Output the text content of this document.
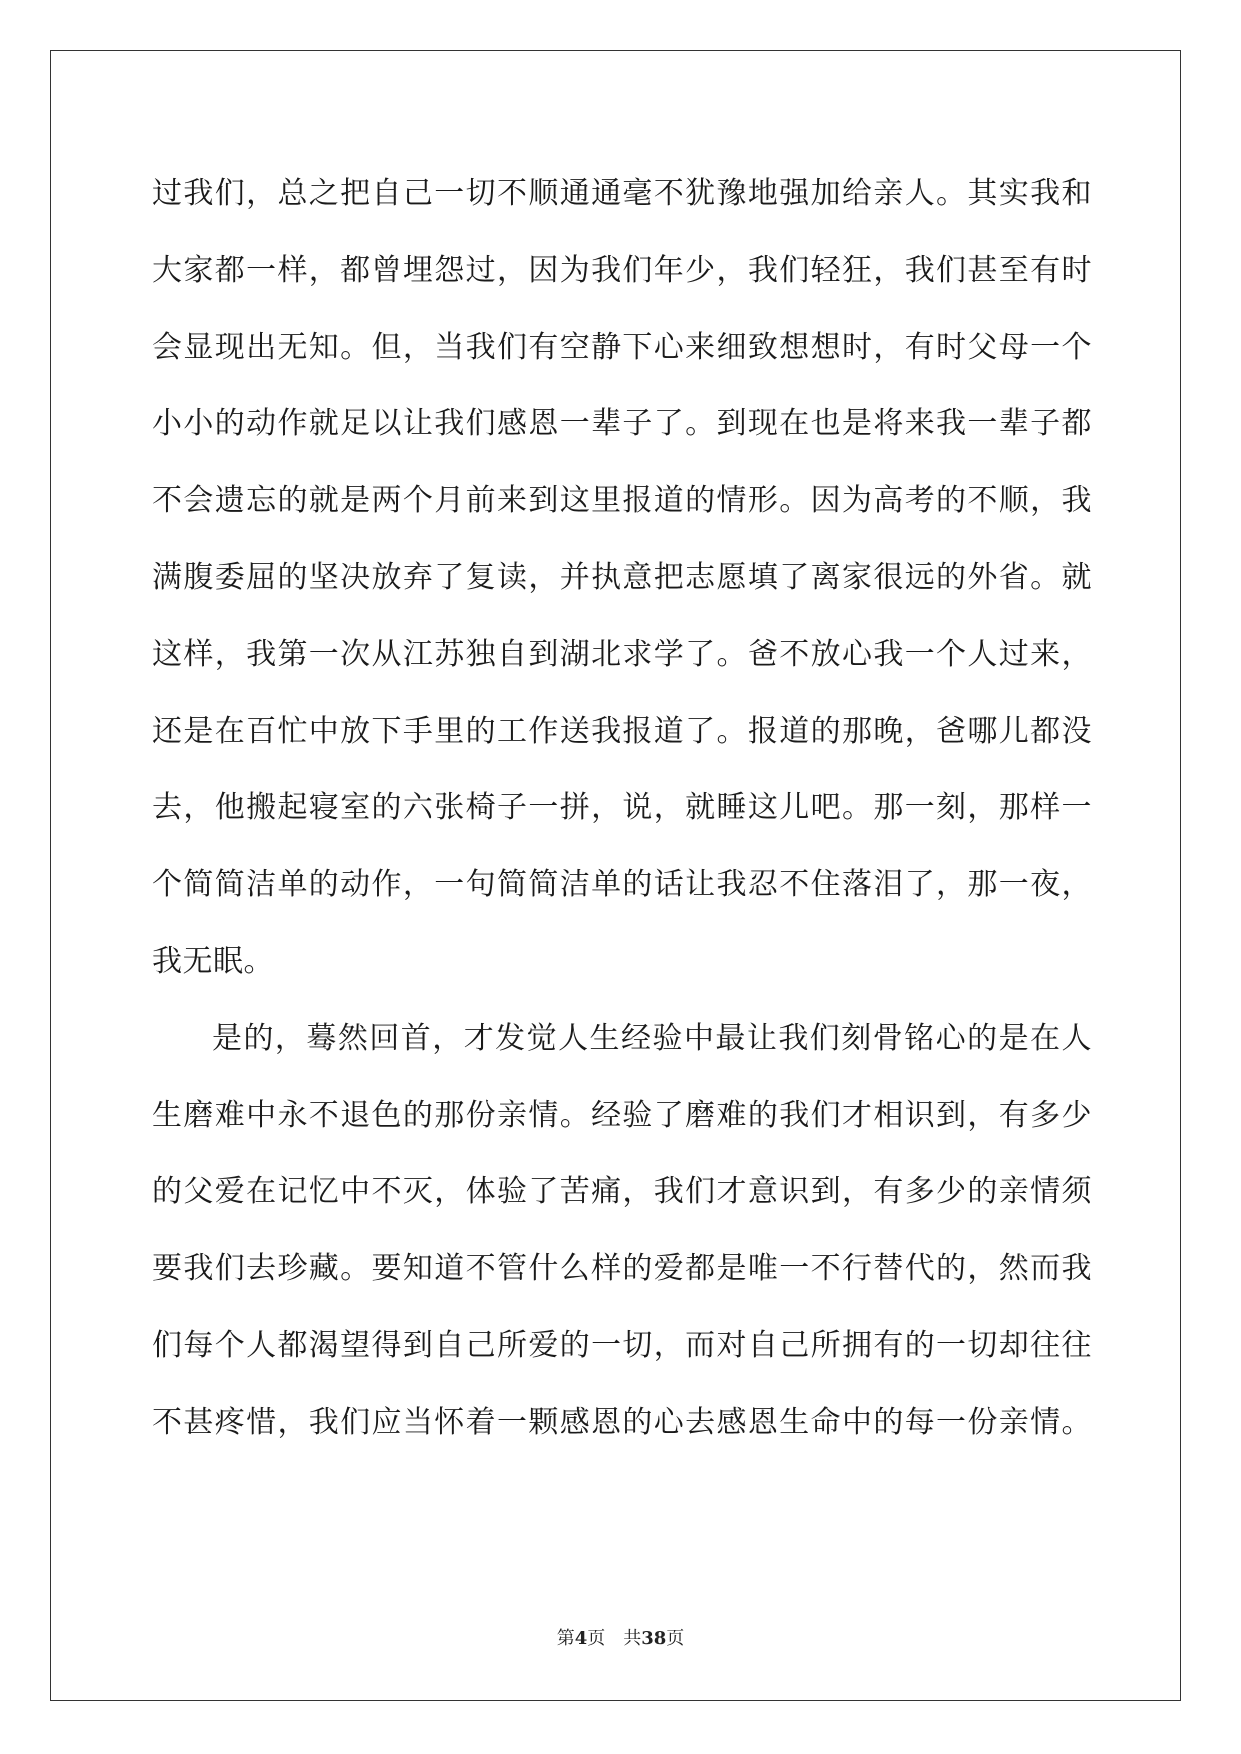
过我们，总之把自己一切不顺通通毫不犹豫地强加给亲人。其实我和
大家都一样，都曾埋怨过，因为我们年少，我们轻狂，我们甚至有时
会显现出无知。但，当我们有空静下心来细致想想时，有时父母一个
小小的动作就足以让我们感恩一辈子了。到现在也是将来我一辈子都
不会遗忘的就是两个月前来到这里报道的情形。因为高考的不顺，我
满腹委屈的坚决放弃了复读，并执意把志愿填了离家很远的外省。就
这样，我第一次从江苏独自到湖北求学了。爸不放心我一个人过来，
还是在百忙中放下手里的工作送我报道了。报道的那晚，爸哪儿都没
去，他搬起寝室的六张椅子一拼，说，就睡这儿吧。那一刻，那样一
个简简洁单的动作，一句简简洁单的话让我忍不住落泪了，那一夜，
我无眠。
是的，蓦然回首，才发觉人生经验中最让我们刻骨铭心的是在人
生磨难中永不退色的那份亲情。经验了磨难的我们才相识到，有多少
的父爱在记忆中不灭，体验了苦痛，我们才意识到，有多少的亲情须
要我们去珍藏。要知道不管什么样的爱都是唯一不行替代的，然而我
们每个人都渴望得到自己所爱的一切，而对自己所拥有的一切却往往
不甚疼惜，我们应当怀着一颗感恩的心去感恩生命中的每一份亲情。
第4页 共38页
